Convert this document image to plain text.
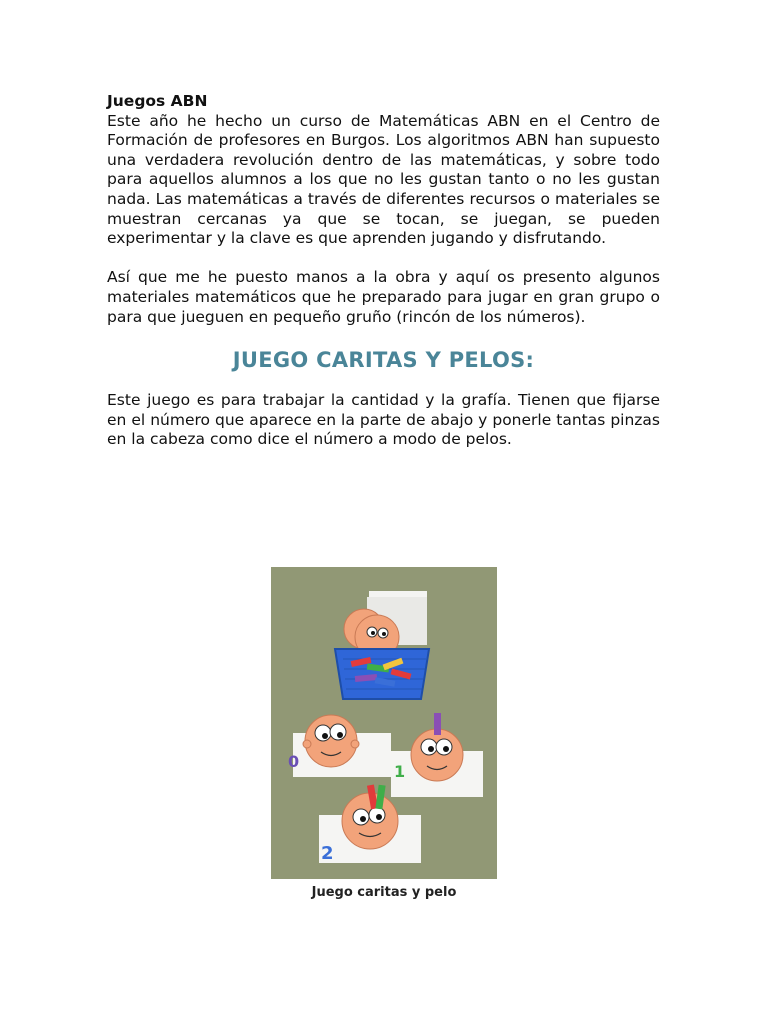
Juegos ABN

Este año he hecho un curso de Matemáticas ABN en el Centro de Formación de profesores en Burgos. Los algoritmos ABN han supuesto una verdadera revolución dentro de las matemáticas, y sobre todo para aquellos alumnos a los que no les gustan tanto o no les gustan nada. Las matemáticas a través de diferentes recursos o materiales se muestran cercanas ya que se tocan, se juegan, se pueden experimentar y la clave es que aprenden jugando y disfrutando.

Así que me he puesto manos a la obra y aquí os presento algunos materiales matemáticos que he preparado para jugar en gran grupo o para que jueguen en pequeño gruño (rincón de los números).

JUEGO CARITAS Y PELOS:

Este juego es para trabajar la cantidad y la grafía. Tienen que fijarse en el número que aparece en la parte de abajo y ponerle tantas pinzas en la cabeza como dice el número a modo de pelos.

0
1
2
Juego caritas y pelo
